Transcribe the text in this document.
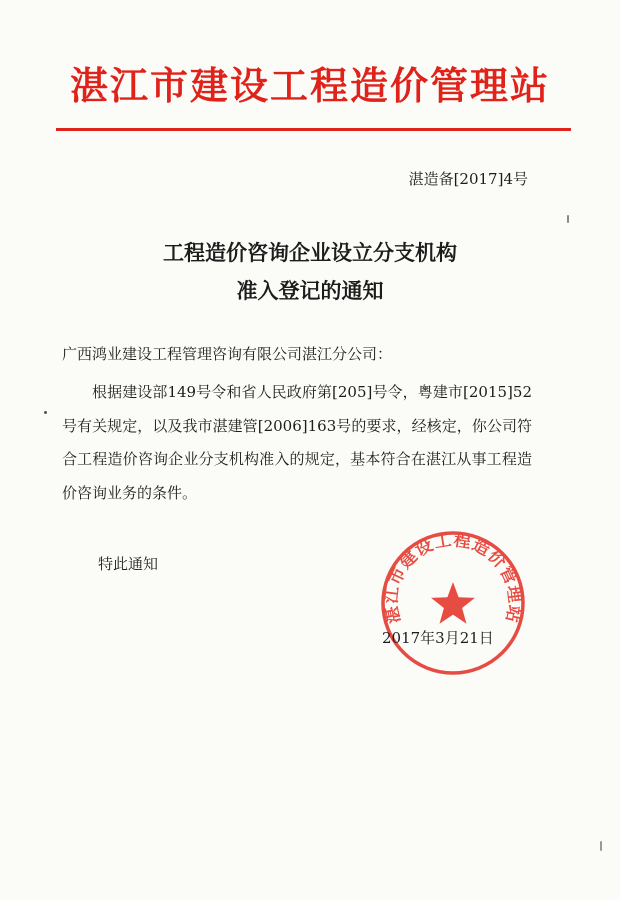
湛江市建设工程造价管理站
湛造备[2017]4号
工程造价咨询企业设立分支机构
准入登记的通知
广西鸿业建设工程管理咨询有限公司湛江分公司：
根据建设部149号令和省人民政府第[205]号令，粤建市[2015]52号有关规定，以及我市湛建管[2006]163号的要求，经核定，你公司符合工程造价咨询企业分支机构准入的规定，基本符合在湛江从事工程造价咨询业务的条件。
特此通知
湛江市建设工程造价管理站
2017年3月21日
